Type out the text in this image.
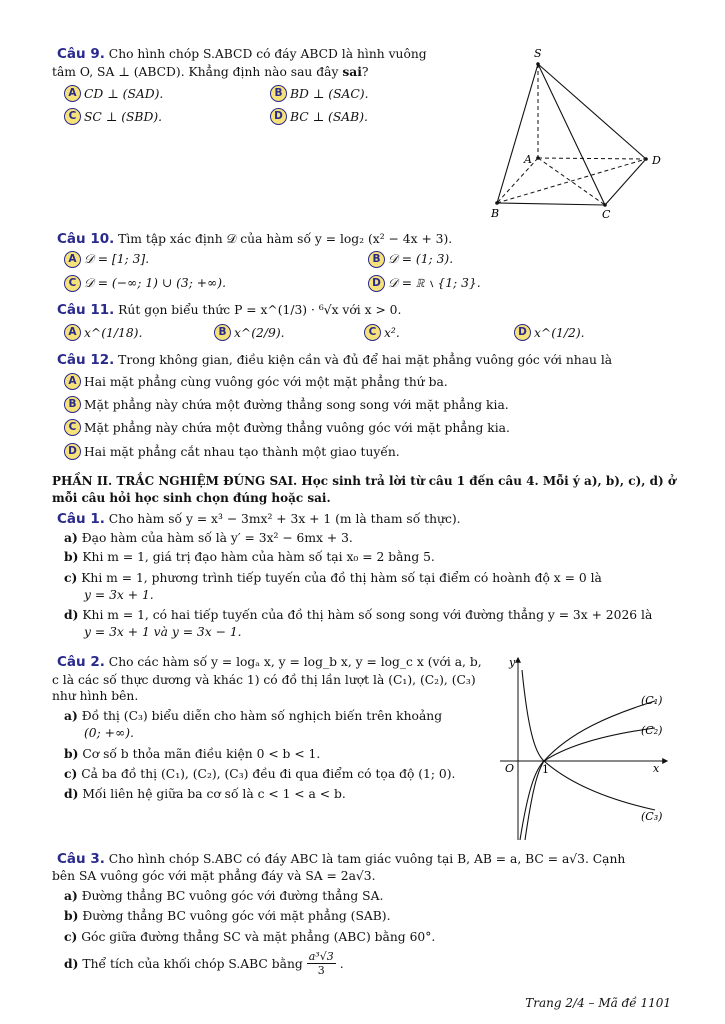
Câu 9. Cho hình chóp S.ABCD có đáy ABCD là hình vuông
tâm O, SA ⊥ (ABCD). Khẳng định nào sau đây sai?
A CD ⊥ (SAD).	B BD ⊥ (SAC).
C SC ⊥ (SBD).	D BC ⊥ (SAB).
S
A
B	C
D
Câu 10. Tìm tập xác định 𝒟 của hàm số y = log₂ (x² − 4x + 3).
A 𝒟 = [1; 3].	B 𝒟 = (1; 3).
C 𝒟 = (−∞; 1) ∪ (3; +∞).	D 𝒟 = ℝ ∖ {1; 3}.
Câu 11. Rút gọn biểu thức P = x^(1/3) · ⁶√x với x > 0.
A x^(1/18).	B x^(2/9).	C x².	D x^(1/2).
Câu 12. Trong không gian, điều kiện cần và đủ để hai mặt phẳng vuông góc với nhau là
A Hai mặt phẳng cùng vuông góc với một mặt phẳng thứ ba.
B Mặt phẳng này chứa một đường thẳng song song với mặt phẳng kia.
C Mặt phẳng này chứa một đường thẳng vuông góc với mặt phẳng kia.
D Hai mặt phẳng cắt nhau tạo thành một giao tuyến.
PHẦN II. TRẮC NGHIỆM ĐÚNG SAI. Học sinh trả lời từ câu 1 đến câu 4. Mỗi ý a), b), c), d) ở
mỗi câu hỏi học sinh chọn đúng hoặc sai.
Câu 1. Cho hàm số y = x³ − 3mx² + 3x + 1 (m là tham số thực).
a) Đạo hàm của hàm số là y′ = 3x² − 6mx + 3.
b) Khi m = 1, giá trị đạo hàm của hàm số tại x₀ = 2 bằng 5.
c) Khi m = 1, phương trình tiếp tuyến của đồ thị hàm số tại điểm có hoành độ x = 0 là
y = 3x + 1.
d) Khi m = 1, có hai tiếp tuyến của đồ thị hàm số song song với đường thẳng y = 3x + 2026 là
y = 3x + 1 và y = 3x − 1.
Câu 2. Cho các hàm số y = logₐ x, y = log_b x, y = log_c x (với a, b,
c là các số thực dương và khác 1) có đồ thị lần lượt là (C₁), (C₂), (C₃)
như hình bên.
a) Đồ thị (C₃) biểu diễn cho hàm số nghịch biến trên khoảng
(0; +∞).
b) Cơ số b thỏa mãn điều kiện 0 < b < 1.
c) Cả ba đồ thị (C₁), (C₂), (C₃) đều đi qua điểm có tọa độ (1; 0).
d) Mối liên hệ giữa ba cơ số là c < 1 < a < b.
y
x
O	1
(C₁)
(C₂)
(C₃)
Câu 3. Cho hình chóp S.ABC có đáy ABC là tam giác vuông tại B, AB = a, BC = a√3. Cạnh
bên SA vuông góc với mặt phẳng đáy và SA = 2a√3.
a) Đường thẳng BC vuông góc với đường thẳng SA.
b) Đường thẳng BC vuông góc với mặt phẳng (SAB).
c) Góc giữa đường thẳng SC và mặt phẳng (ABC) bằng 60°.
d) Thể tích của khối chóp S.ABC bằng $\frac{\text{a³√3}}{3}$ .
Trang 2/4 – Mã đề 1101
